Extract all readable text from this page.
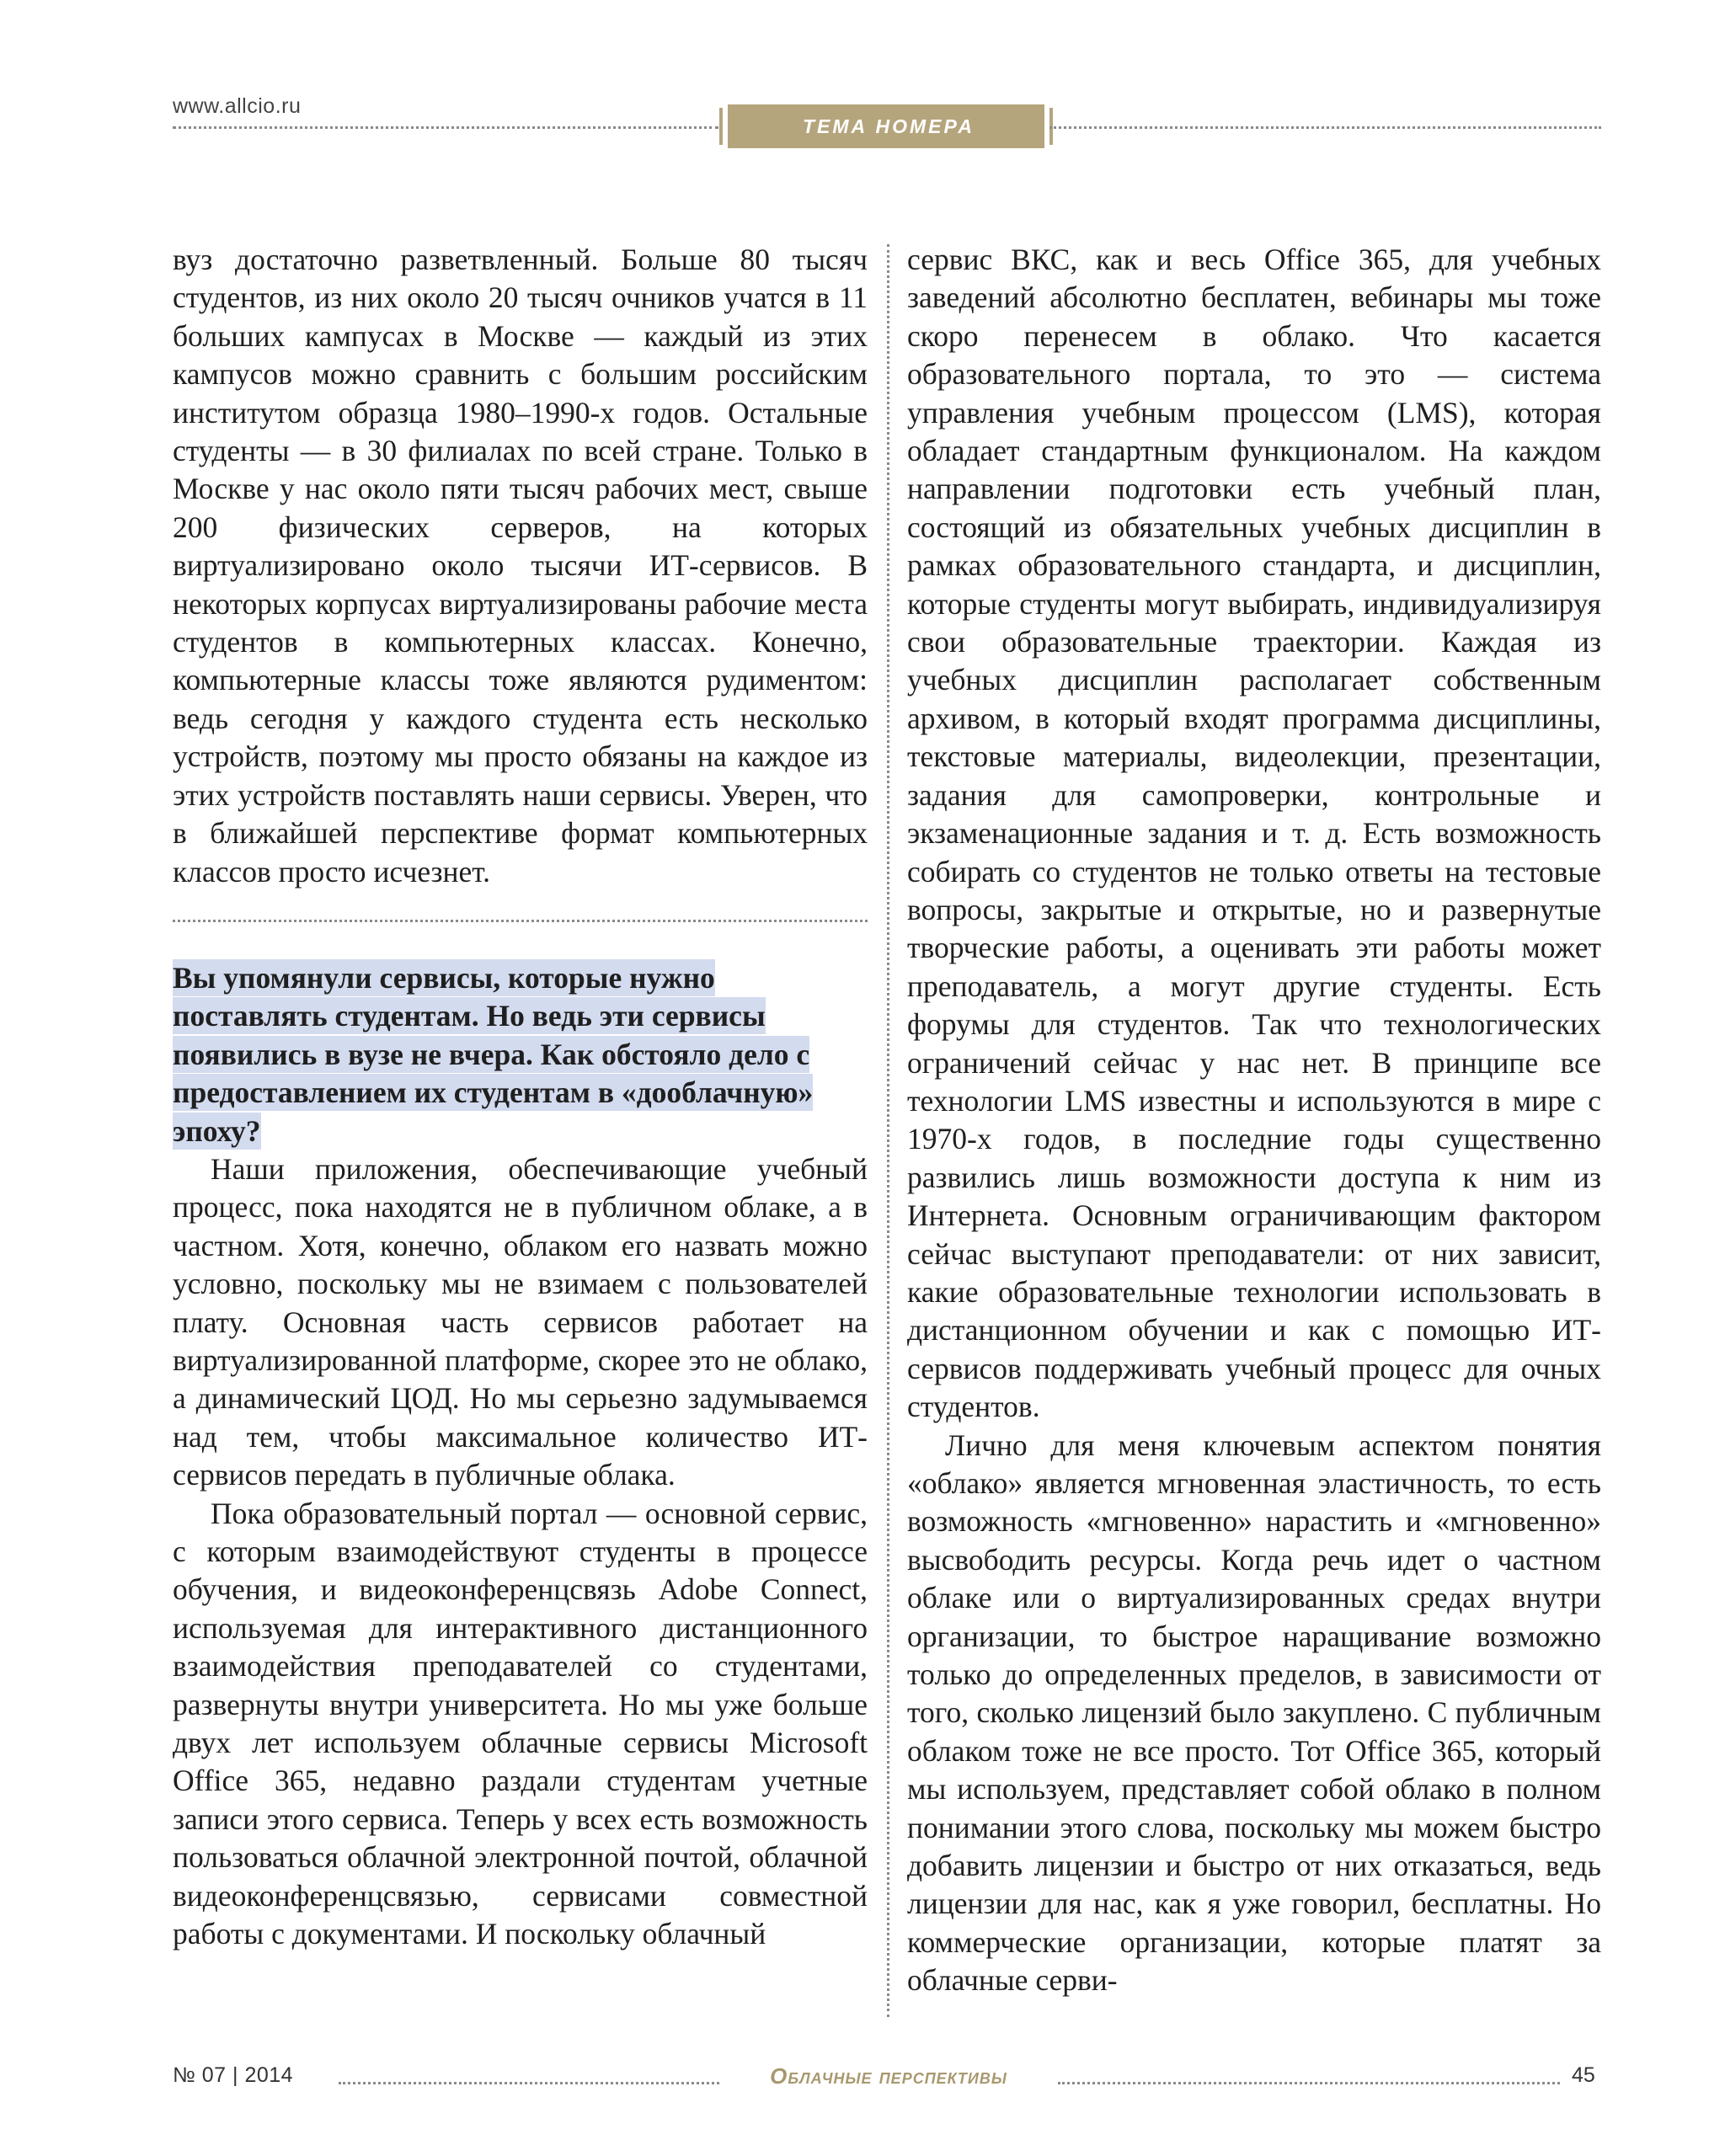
www.allcio.ru
ТЕМА НОМЕРА

вуз достаточно разветвленный. Больше 80 тысяч студентов, из них около 20 тысяч очников учатся в 11 больших кампусах в Москве — каждый из этих кампусов можно сравнить с большим российским институтом образца 1980–1990-х годов. Остальные студенты — в 30 филиалах по всей стране. Только в Москве у нас около пяти тысяч рабочих мест, свыше 200 физических серверов, на которых виртуализировано около тысячи ИТ-сервисов. В некоторых корпусах виртуализированы рабочие места студентов в компьютерных классах. Конечно, компьютерные классы тоже являются рудиментом: ведь сегодня у каждого студента есть несколько устройств, поэтому мы просто обязаны на каждое из этих устройств поставлять наши сервисы. Уверен, что в ближайшей перспективе формат компьютерных классов просто исчезнет.

Вы упомянули сервисы, которые нужно поставлять студентам. Но ведь эти сервисы появились в вузе не вчера. Как обстояло дело с предоставлением их студентам в «дооблачную» эпоху?

Наши приложения, обеспечивающие учебный процесс, пока находятся не в публичном облаке, а в частном. Хотя, конечно, облаком его назвать можно условно, поскольку мы не взимаем с пользователей плату. Основная часть сервисов работает на виртуализированной платформе, скорее это не облако, а динамический ЦОД. Но мы серьезно задумываемся над тем, чтобы максимальное количество ИТ-сервисов передать в публичные облака.

Пока образовательный портал — основной сервис, с которым взаимодействуют студенты в процессе обучения, и видеоконференцсвязь Adobe Connect, используемая для интерактивного дистанционного взаимодействия преподавателей со студентами, развернуты внутри университета. Но мы уже больше двух лет используем облачные сервисы Microsoft Office 365, недавно раздали студентам учетные записи этого сервиса. Теперь у всех есть возможность пользоваться облачной электронной почтой, облачной видеоконференцсвязью, сервисами совместной работы с документами. И поскольку облачный

сервис ВКС, как и весь Office 365, для учебных заведений абсолютно бесплатен, вебинары мы тоже скоро перенесем в облако. Что касается образовательного портала, то это — система управления учебным процессом (LMS), которая обладает стандартным функционалом. На каждом направлении подготовки есть учебный план, состоящий из обязательных учебных дисциплин в рамках образовательного стандарта, и дисциплин, которые студенты могут выбирать, индивидуализируя свои образовательные траектории. Каждая из учебных дисциплин располагает собственным архивом, в который входят программа дисциплины, текстовые материалы, видеолекции, презентации, задания для самопроверки, контрольные и экзаменационные задания и т. д. Есть возможность собирать со студентов не только ответы на тестовые вопросы, закрытые и открытые, но и развернутые творческие работы, а оценивать эти работы может преподаватель, а могут другие студенты. Есть форумы для студентов. Так что технологических ограничений сейчас у нас нет. В принципе все технологии LMS известны и используются в мире с 1970-х годов, в последние годы существенно развились лишь возможности доступа к ним из Интернета. Основным ограничивающим фактором сейчас выступают преподаватели: от них зависит, какие образовательные технологии использовать в дистанционном обучении и как с помощью ИТ-сервисов поддерживать учебный процесс для очных студентов.

Лично для меня ключевым аспектом понятия «облако» является мгновенная эластичность, то есть возможность «мгновенно» нарастить и «мгновенно» высвободить ресурсы. Когда речь идет о частном облаке или о виртуализированных средах внутри организации, то быстрое наращивание возможно только до определенных пределов, в зависимости от того, сколько лицензий было закуплено. С публичным облаком тоже не все просто. Тот Office 365, который мы используем, представляет собой облако в полном понимании этого слова, поскольку мы можем быстро добавить лицензии и быстро от них отказаться, ведь лицензии для нас, как я уже говорил, бесплатны. Но коммерческие организации, которые платят за облачные серви-

№ 07 | 2014	Облачные перспективы	45
